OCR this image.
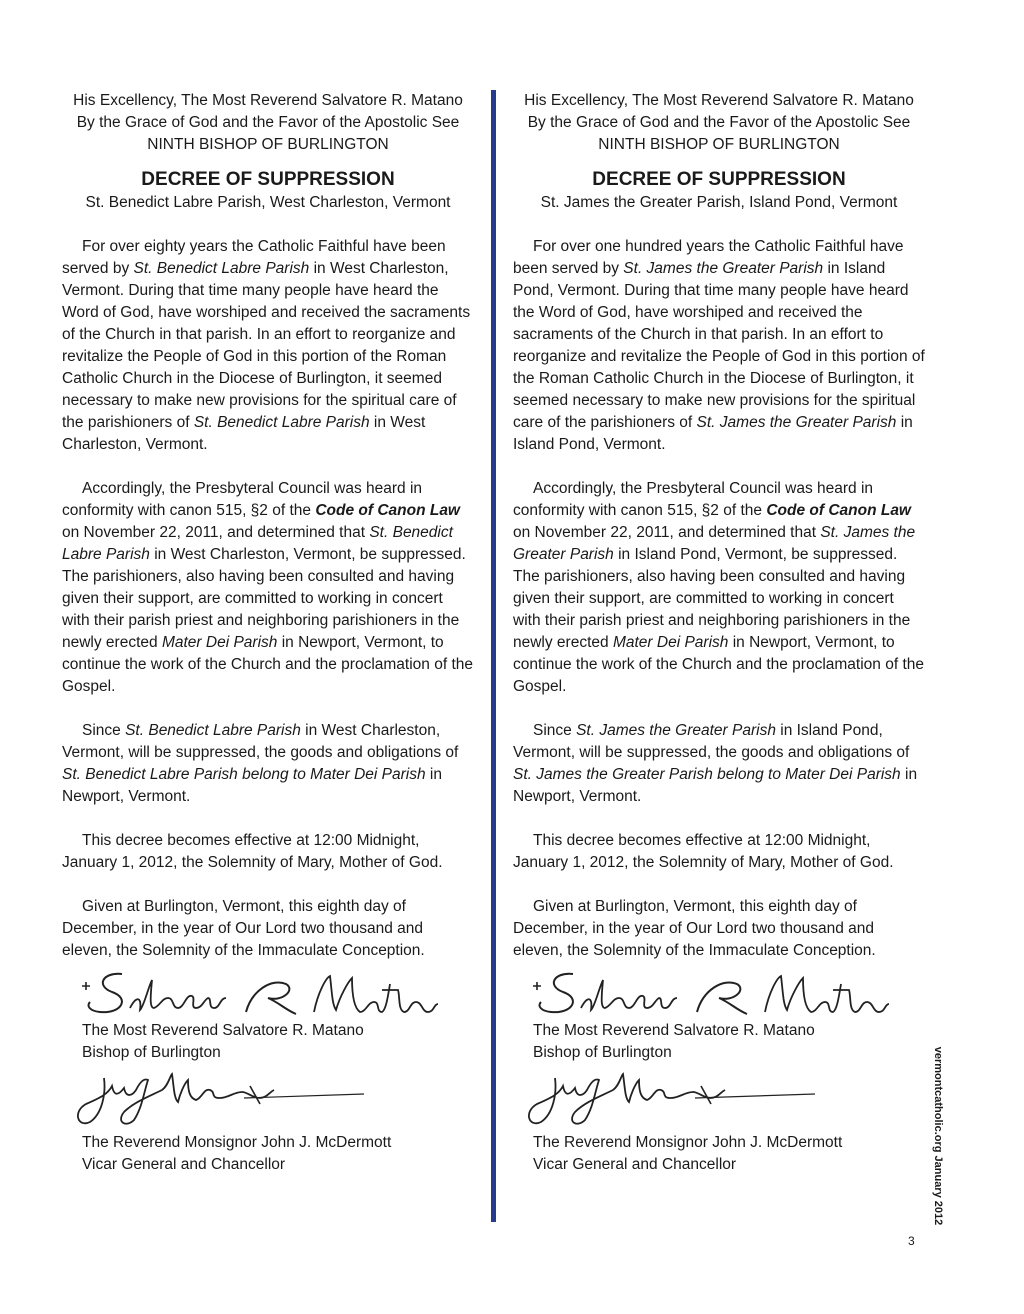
His Excellency, The Most Reverend Salvatore R. Matano
By the Grace of God and the Favor of the Apostolic See
NINTH BISHOP OF BURLINGTON
DECREE OF SUPPRESSION
St. Benedict Labre Parish, West Charleston, Vermont

For over eighty years the Catholic Faithful have been served by St. Benedict Labre Parish in West Charleston, Vermont. During that time many people have heard the Word of God, have worshiped and received the sacraments of the Church in that parish. In an effort to reorganize and revitalize the People of God in this portion of the Roman Catholic Church in the Diocese of Burlington, it seemed necessary to make new provisions for the spiritual care of the parishioners of St. Benedict Labre Parish in West Charleston, Vermont.

Accordingly, the Presbyteral Council was heard in conformity with canon 515, §2 of the Code of Canon Law on November 22, 2011, and determined that St. Benedict Labre Parish in West Charleston, Vermont, be suppressed. The parishioners, also having been consulted and having given their support, are committed to working in concert with their parish priest and neighboring parishioners in the newly erected Mater Dei Parish in Newport, Vermont, to continue the work of the Church and the proclamation of the Gospel.

Since St. Benedict Labre Parish in West Charleston, Vermont, will be suppressed, the goods and obligations of St. Benedict Labre Parish belong to Mater Dei Parish in Newport, Vermont.

This decree becomes effective at 12:00 Midnight, January 1, 2012, the Solemnity of Mary, Mother of God.

Given at Burlington, Vermont, this eighth day of December, in the year of Our Lord two thousand and eleven, the Solemnity of the Immaculate Conception.

The Most Reverend Salvatore R. Matano
Bishop of Burlington
The Reverend Monsignor John J. McDermott
Vicar General and Chancellor
His Excellency, The Most Reverend Salvatore R. Matano
By the Grace of God and the Favor of the Apostolic See
NINTH BISHOP OF BURLINGTON
DECREE OF SUPPRESSION
St. James the Greater Parish, Island Pond, Vermont

For over one hundred years the Catholic Faithful have been served by St. James the Greater Parish in Island Pond, Vermont. During that time many people have heard the Word of God, have worshiped and received the sacraments of the Church in that parish. In an effort to reorganize and revitalize the People of God in this portion of the Roman Catholic Church in the Diocese of Burlington, it seemed necessary to make new provisions for the spiritual care of the parishioners of St. James the Greater Parish in Island Pond, Vermont.

Accordingly, the Presbyteral Council was heard in conformity with canon 515, §2 of the Code of Canon Law on November 22, 2011, and determined that St. James the Greater Parish in Island Pond, Vermont, be suppressed. The parishioners, also having been consulted and having given their support, are committed to working in concert with their parish priest and neighboring parishioners in the newly erected Mater Dei Parish in Newport, Vermont, to continue the work of the Church and the proclamation of the Gospel.

Since St. James the Greater Parish in Island Pond, Vermont, will be suppressed, the goods and obligations of St. James the Greater Parish belong to Mater Dei Parish in Newport, Vermont.

This decree becomes effective at 12:00 Midnight, January 1, 2012, the Solemnity of Mary, Mother of God.

Given at Burlington, Vermont, this eighth day of December, in the year of Our Lord two thousand and eleven, the Solemnity of the Immaculate Conception.

The Most Reverend Salvatore R. Matano
Bishop of Burlington
The Reverend Monsignor John J. McDermott
Vicar General and Chancellor	vermontcatholic.org January 2012
3
